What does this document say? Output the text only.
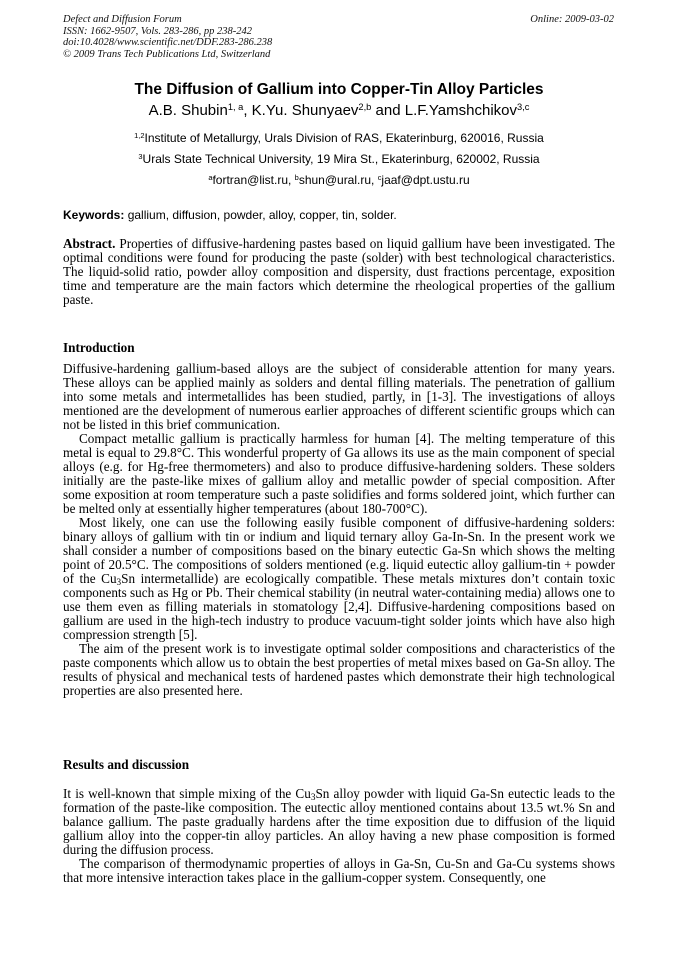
Defect and Diffusion Forum
ISSN: 1662-9507, Vols. 283-286, pp 238-242
doi:10.4028/www.scientific.net/DDF.283-286.238
© 2009 Trans Tech Publications Ltd, Switzerland
Online: 2009-03-02
The Diffusion of Gallium into Copper-Tin Alloy Particles
A.B. Shubin$^{1, a}$, K.Yu. Shunyaev$^{2,b}$ and L.F.Yamshchikov$^{3,c}$
$^{1,2}$Institute of Metallurgy, Urals Division of RAS, Ekaterinburg, 620016, Russia
$^3$Urals State Technical University, 19 Mira St., Ekaterinburg, 620002, Russia
$^a$fortran@list.ru, $^b$shun@ural.ru, $^c$jaaf@dpt.ustu.ru
Keywords: gallium, diffusion, powder, alloy, copper, tin, solder.

Abstract. Properties of diffusive-hardening pastes based on liquid gallium have been investigated. The optimal conditions were found for producing the paste (solder) with best technological characteristics. The liquid-solid ratio, powder alloy composition and dispersity, dust fractions percentage, exposition time and temperature are the main factors which determine the rheological properties of the gallium paste.

Introduction

Diffusive-hardening gallium-based alloys are the subject of considerable attention for many years. These alloys can be applied mainly as solders and dental filling materials. The penetration of gallium into some metals and intermetallides has been studied, partly, in [1-3]. The investigations of alloys mentioned are the development of numerous earlier approaches of different scientific groups which can not be listed in this brief communication.

Compact metallic gallium is practically harmless for human [4]. The melting temperature of this metal is equal to 29.8°C. This wonderful property of Ga allows its use as the main component of special alloys (e.g. for Hg-free thermometers) and also to produce diffusive-hardening solders. These solders initially are the paste-like mixes of gallium alloy and metallic powder of special composition. After some exposition at room temperature such a paste solidifies and forms soldered joint, which further can be melted only at essentially higher temperatures (about 180-700°C).

Most likely, one can use the following easily fusible component of diffusive-hardening solders: binary alloys of gallium with tin or indium and liquid ternary alloy Ga-In-Sn. In the present work we shall consider a number of compositions based on the binary eutectic Ga-Sn which shows the melting point of 20.5°C. The compositions of solders mentioned (e.g. liquid eutectic alloy gallium-tin + powder of the $Cu_3Sn$ intermetallide) are ecologically compatible. These metals mixtures don’t contain toxic components such as Hg or Pb. Their chemical stability (in neutral water-containing media) allows one to use them even as filling materials in stomatology [2,4]. Diffusive-hardening compositions based on gallium are used in the high-tech industry to produce vacuum-tight solder joints which have also high compression strength [5].

The aim of the present work is to investigate optimal solder compositions and characteristics of the paste components which allow us to obtain the best properties of metal mixes based on Ga-Sn alloy. The results of physical and mechanical tests of hardened pastes which demonstrate their high technological properties are also presented here.

Results and discussion

It is well-known that simple mixing of the $Cu_3Sn$ alloy powder with liquid Ga-Sn eutectic leads to the formation of the paste-like composition. The eutectic alloy mentioned contains about 13.5 wt.% Sn and balance gallium. The paste gradually hardens after the time exposition due to diffusion of the liquid gallium alloy into the copper-tin alloy particles. An alloy having a new phase composition is formed during the diffusion process.

The comparison of thermodynamic properties of alloys in Ga-Sn, Cu-Sn and Ga-Cu systems shows that more intensive interaction takes place in the gallium-copper system. Consequently, one
